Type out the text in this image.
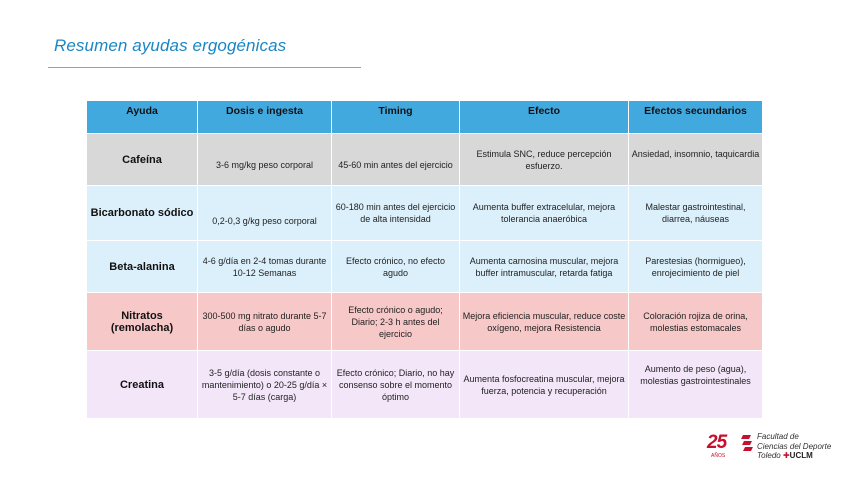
Resumen ayudas ergogénicas
Ayuda	Dosis e ingesta	Timing	Efecto	Efectos secundarios
Cafeína	3-6 mg/kg peso corporal	45-60 min antes del ejercicio	Estimula SNC, reduce percepción esfuerzo.	Ansiedad, insomnio, taquicardia
Bicarbonato sódico	0,2-0,3 g/kg peso corporal	60-180 min antes del ejercicio de alta intensidad	Aumenta buffer extracelular, mejora tolerancia anaeróbica	Malestar gastrointestinal, diarrea, náuseas
Beta-alanina	4-6 g/día en 2-4 tomas durante 10-12 Semanas	Efecto crónico, no efecto agudo	Aumenta carnosina muscular, mejora buffer intramuscular, retarda fatiga	Parestesias (hormigueo), enrojecimiento de piel
Nitratos (remolacha)	300-500 mg nitrato durante 5-7 días o agudo	Efecto crónico o agudo; Diario; 2-3 h antes del ejercicio	Mejora eficiencia muscular, reduce coste oxígeno, mejora Resistencia	Coloración rojiza de orina, molestias estomacales
Creatina	3-5 g/día (dosis constante o mantenimiento) o 20-25 g/día × 5-7 días (carga)	Efecto crónico; Diario, no hay consenso sobre el momento óptimo	Aumenta fosfocreatina muscular, mejora fuerza, potencia y recuperación	Aumento de peso (agua), molestias gastrointestinales
25
AÑOS
Facultad de
Ciencias del Deporte
Toledo ✚UCLM
